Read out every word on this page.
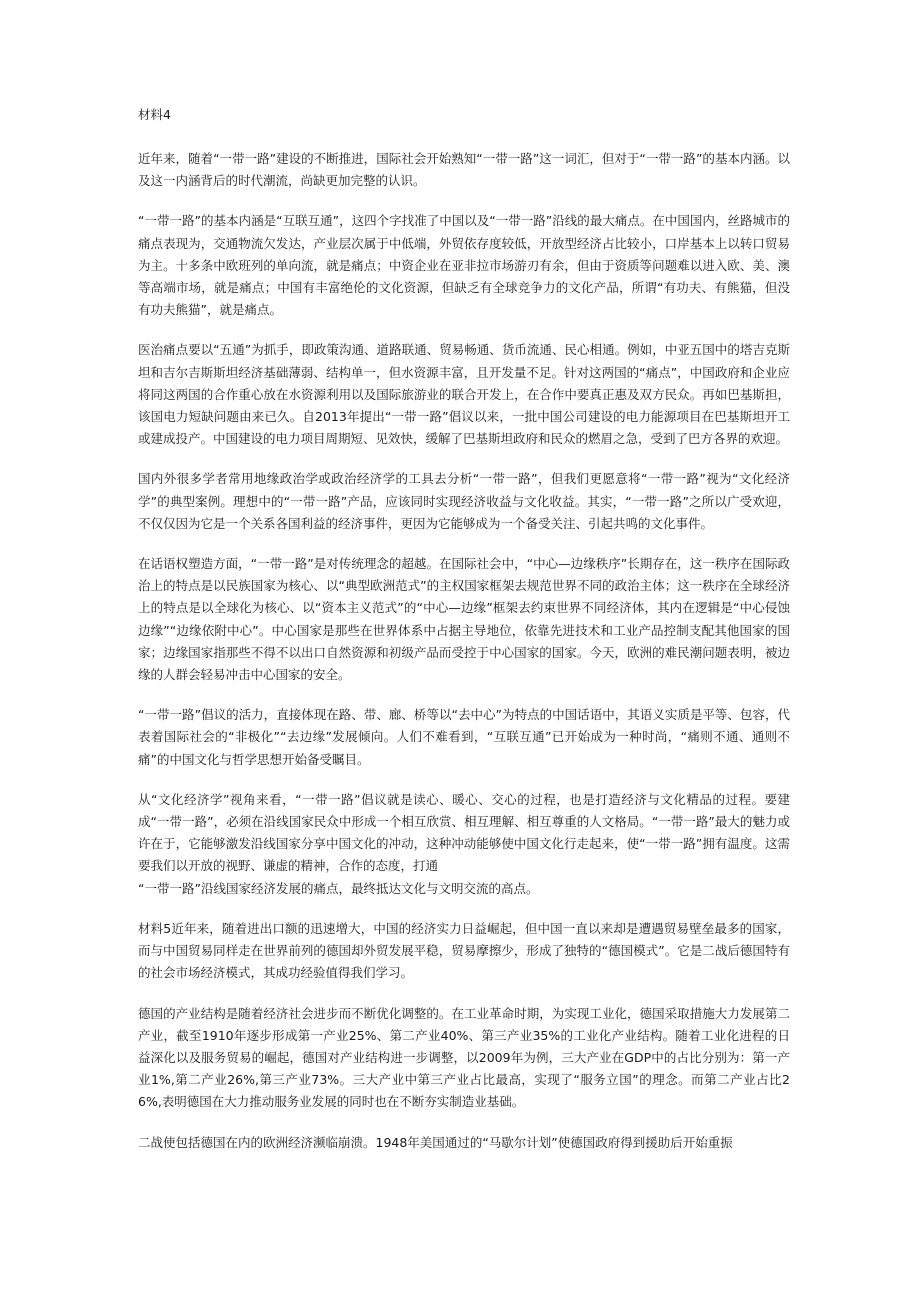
材料4

近年来，随着“一带一路”建设的不断推进，国际社会开始熟知“一带一路”这一词汇，但对于“一带一路”的基本内涵。以及这一内涵背后的时代潮流，尚缺更加完整的认识。

“一带一路”的基本内涵是“互联互通”，这四个字找准了中国以及“一带一路”沿线的最大痛点。在中国国内，丝路城市的痛点表现为，交通物流欠发达，产业层次属于中低端，外贸依存度较低，开放型经济占比较小，口岸基本上以转口贸易为主。十多条中欧班列的单向流，就是痛点；中资企业在亚非拉市场游刃有余，但由于资质等问题难以进入欧、美、澳等高端市场，就是痛点；中国有丰富绝伦的文化资源，但缺乏有全球竞争力的文化产品，所谓“有功夫、有熊猫，但没有功夫熊猫”，就是痛点。

医治痛点要以“五通”为抓手，即政策沟通、道路联通、贸易畅通、货币流通、民心相通。例如，中亚五国中的塔吉克斯坦和吉尔吉斯斯坦经济基础薄弱、结构单一，但水资源丰富，且开发量不足。针对这两国的“痛点”，中国政府和企业应将同这两国的合作重心放在水资源利用以及国际旅游业的联合开发上，在合作中要真正惠及双方民众。再如巴基斯担，该国电力短缺问题由来已久。自2013年提出“一带一路”倡议以来，一批中国公司建设的电力能源项目在巴基斯坦开工或建成投产。中国建设的电力项目周期短、见效快，缓解了巴基斯坦政府和民众的燃眉之急，受到了巴方各界的欢迎。

国内外很多学者常用地缘政治学或政治经济学的工具去分析“一带一路”，但我们更愿意将“一带一路”视为“文化经济学”的典型案例。理想中的“一带一路”产品，应该同时实现经济收益与文化收益。其实，“一带一路”之所以广受欢迎，不仅仅因为它是一个关系各国利益的经济事件，更因为它能够成为一个备受关注、引起共鸣的文化事件。

在话语权塑造方面，“一带一路”是对传统理念的超越。在国际社会中，“中心—边缘秩序”长期存在，这一秩序在国际政治上的特点是以民族国家为核心、以“典型欧洲范式”的主权国家框架去规范世界不同的政治主体；这一秩序在全球经济上的特点是以全球化为核心、以“资本主义范式”的“中心—边缘”框架去约束世界不同经济体，其内在逻辑是“中心侵蚀边缘”“边缘依附中心”。中心国家是那些在世界体系中占据主导地位，依靠先进技术和工业产品控制支配其他国家的国家；边缘国家指那些不得不以出口自然资源和初级产品而受控于中心国家的国家。今天，欧洲的难民潮问题表明，被边缘的人群会轻易冲击中心国家的安全。

“一带一路”倡议的活力，直接体现在路、带、廊、桥等以“去中心”为特点的中国话语中，其语义实质是平等、包容，代表着国际社会的“非极化”“去边缘”发展倾向。人们不难看到，“互联互通”已开始成为一种时尚，“痛则不通、通则不痛”的中国文化与哲学思想开始备受瞩目。

从“文化经济学”视角来看，“一带一路”倡议就是读心、暖心、交心的过程，也是打造经济与文化精品的过程。要建成“一带一路”，必须在沿线国家民众中形成一个相互欣赏、相互理解、相互尊重的人文格局。“一带一路”最大的魅力或许在于，它能够激发沿线国家分享中国文化的冲动，这种冲动能够使中国文化行走起来，使“一带一路”拥有温度。这需要我们以开放的视野、谦虚的精神，合作的态度，打通
“一带一路”沿线国家经济发展的痛点，最终抵达文化与文明交流的高点。

材料5近年来，随着进出口额的迅速增大，中国的经济实力日益崛起，但中国一直以来却是遭遇贸易壁垒最多的国家，而与中国贸易同样走在世界前列的德国却外贸发展平稳，贸易摩擦少，形成了独特的“德国模式”。它是二战后德国特有的社会市场经济模式，其成功经验值得我们学习。

德国的产业结构是随着经济社会进步而不断优化调整的。在工业革命时期，为实现工业化，德国采取措施大力发展第二产业，截至1910年逐步形成第一产业25%、第二产业40%、第三产业35%的工业化产业结构。随着工业化进程的日益深化以及服务贸易的崛起，德国对产业结构进一步调整，以2009年为例，三大产业在GDP中的占比分别为：第一产业1%,第二产业26%,第三产业73%。三大产业中第三产业占比最高，实现了“服务立国”的理念。而第二产业占比26%,表明德国在大力推动服务业发展的同时也在不断夯实制造业基础。

二战使包括德国在内的欧洲经济濒临崩溃。1948年美国通过的“马歇尔计划”使德国政府得到援助后开始重振
